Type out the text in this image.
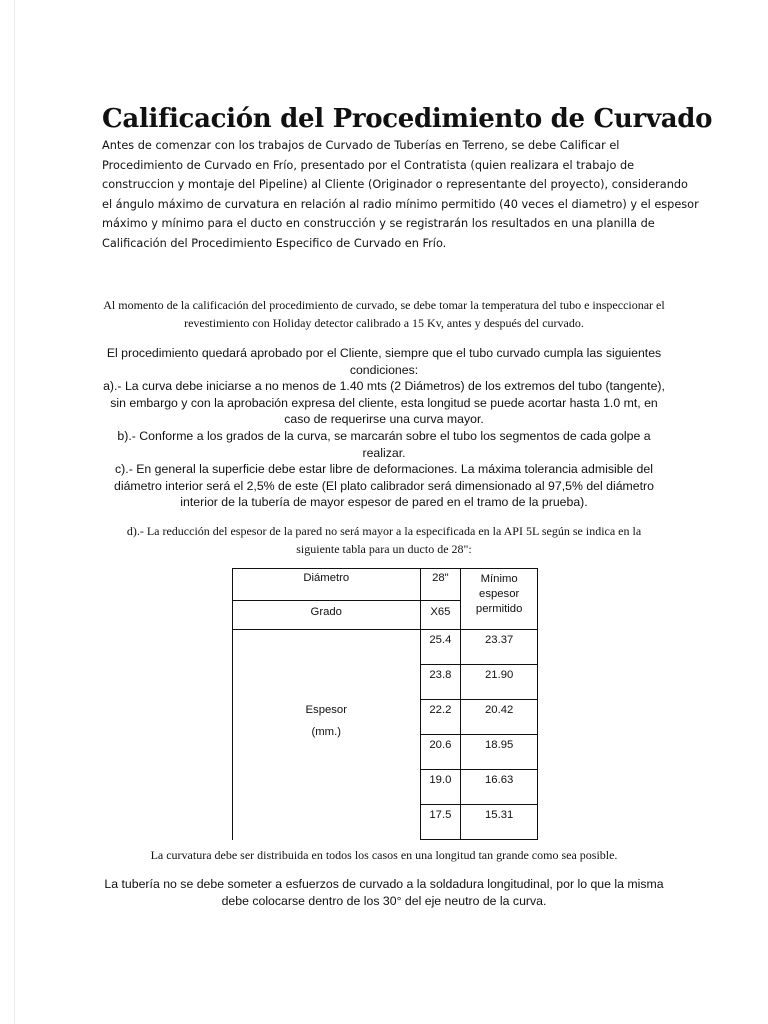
Calificación del Procedimiento de Curvado

Antes de comenzar con los trabajos de Curvado de Tuberías en Terreno, se debe Calificar el
Procedimiento de Curvado en Frío, presentado por el Contratista (quien realizara el trabajo de
construccion y montaje del Pipeline) al Cliente (Originador o representante del proyecto), considerando
el ángulo máximo de curvatura en relación al radio mínimo permitido (40 veces el diametro) y el espesor
máximo y mínimo para el ducto en construcción y se registrarán los resultados en una planilla de
Calificación del Procedimiento Especifico de Curvado en Frío.

Al momento de la calificación del procedimiento de curvado, se debe tomar la temperatura del tubo e inspeccionar el
revestimiento con Holiday detector calibrado a 15 Kv, antes y después del curvado.

El procedimiento quedará aprobado por el Cliente, siempre que el tubo curvado cumpla las siguientes
condiciones:
a).- La curva debe iniciarse a no menos de 1.40 mts (2 Diámetros) de los extremos del tubo (tangente),
sin embargo y con la aprobación expresa del cliente, esta longitud se puede acortar hasta 1.0 mt, en
caso de requerirse una curva mayor.
b).- Conforme a los grados de la curva, se marcarán sobre el tubo los segmentos de cada golpe a
realizar.
c).- En general la superficie debe estar libre de deformaciones. La máxima tolerancia admisible del
diámetro interior será el 2,5% de este (El plato calibrador será dimensionado al 97,5% del diámetro
interior de la tubería de mayor espesor de pared en el tramo de la prueba).

d).- La reducción del espesor de la pared no será mayor a la especificada en la API 5L según se indica en la
siguiente tabla para un ducto de 28":

Diámetro	28"	Mínimo
espesor
permitido

Grado	X65	

Espesor
(mm.)	25.4	23.37
	23.8	21.90
	22.2	20.42
	20.6	18.95
	19.0	16.63
	17.5	15.31

La curvatura debe ser distribuida en todos los casos en una longitud tan grande como sea posible.

La tubería no se debe someter a esfuerzos de curvado a la soldadura longitudinal, por lo que la misma
debe colocarse dentro de los 30° del eje neutro de la curva.
